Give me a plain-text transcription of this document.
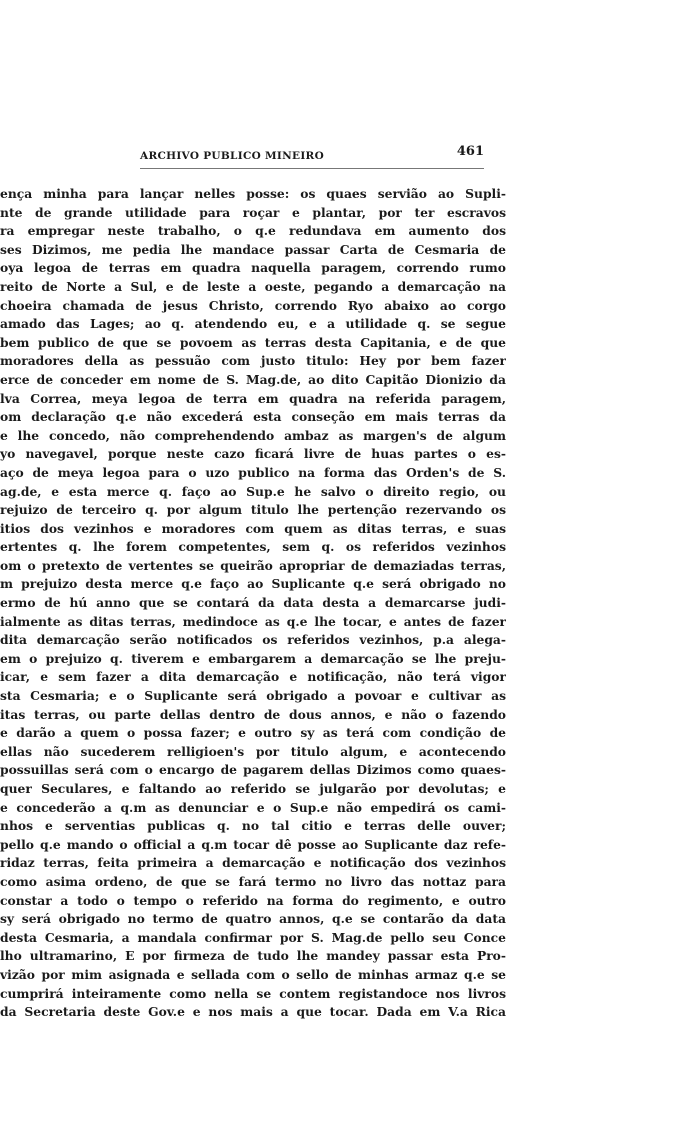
ARCHIVO PUBLICO MINEIRO	461
ença minha para lançar nelles posse: os quaes servião ao Supli-
nte de grande utilidade para roçar e plantar, por ter escravos
ra empregar neste trabalho, o q.e redundava em aumento dos
ses Dizimos, me pedia lhe mandace passar Carta de Cesmaria de
oya legoa de terras em quadra naquella paragem, correndo rumo
reito de Norte a Sul, e de leste a oeste, pegando a demarcação na
choeira chamada de jesus Christo, correndo Ryo abaixo ao corgo
amado das Lages; ao q. atendendo eu, e a utilidade q. se segue
bem publico de que se povoem as terras desta Capitania, e de que
moradores della as pessuão com justo titulo: Hey por bem fazer
erce de conceder em nome de S. Mag.de, ao dito Capitão Dionizio da
lva Correa, meya legoa de terra em quadra na referida paragem,
om declaração q.e não excederá esta conseção em mais terras da
e lhe concedo, não comprehendendo ambaz as margen's de algum
yo navegavel, porque neste cazo ficará livre de huas partes o es-
aço de meya legoa para o uzo publico na forma das Orden's de S.
ag.de, e esta merce q. faço ao Sup.e he salvo o direito regio, ou
rejuizo de terceiro q. por algum titulo lhe pertenção rezervando os
itios dos vezinhos e moradores com quem as ditas terras, e suas
ertentes q. lhe forem competentes, sem q. os referidos vezinhos
om o pretexto de vertentes se queirão apropriar de demaziadas terras,
m prejuizo desta merce q.e faço ao Suplicante q.e será obrigado no
ermo de hú anno que se contará da data desta a demarcarse judi-
ialmente as ditas terras, medindoce as q.e lhe tocar, e antes de fazer
dita demarcação serão notificados os referidos vezinhos, p.a alega-
em o prejuizo q. tiverem e embargarem a demarcação se lhe preju-
icar, e sem fazer a dita demarcação e notificação, não terá vigor
sta Cesmaria; e o Suplicante será obrigado a povoar e cultivar as
itas terras, ou parte dellas dentro de dous annos, e não o fazendo
e darão a quem o possa fazer; e outro sy as terá com condição de
ellas não sucederem relligioen's por titulo algum, e acontecendo
possuillas será com o encargo de pagarem dellas Dizimos como quaes-
quer Seculares, e faltando ao referido se julgarão por devolutas; e
e concederão a q.m as denunciar e o Sup.e não empedirá os cami-
nhos e serventias publicas q. no tal citio e terras delle ouver;
pello q.e mando o official a q.m tocar dê posse ao Suplicante daz refe-
ridaz terras, feita primeira a demarcação e notificação dos vezinhos
como asima ordeno, de que se fará termo no livro das nottaz para
constar a todo o tempo o referido na forma do regimento, e outro
sy será obrigado no termo de quatro annos, q.e se contarão da data
desta Cesmaria, a mandala confirmar por S. Mag.de pello seu Conce
lho ultramarino, E por firmeza de tudo lhe mandey passar esta Pro-
vizão por mim asignada e sellada com o sello de minhas armaz q.e se
cumprirá inteiramente como nella se contem registandoce nos livros
da Secretaria deste Gov.e e nos mais a que tocar. Dada em V.a Rica
